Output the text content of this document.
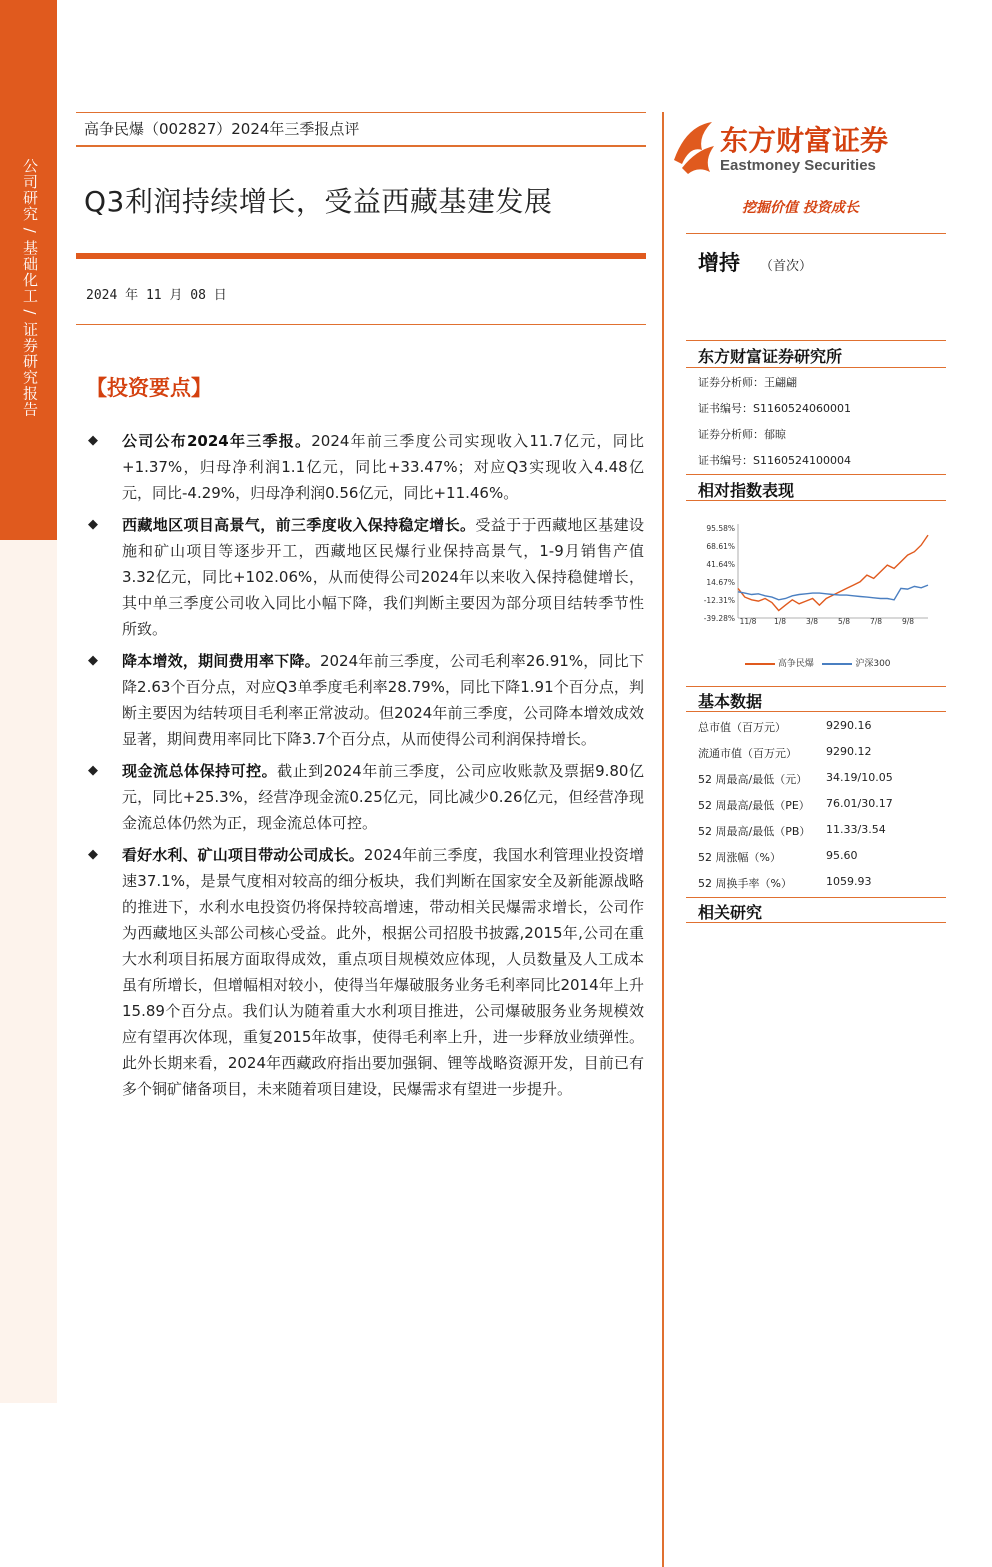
公司研究 / 基础化工 / 证券研究报告
高争民爆（002827）2024年三季报点评
Q3利润持续增长，受益西藏基建发展
2024 年 11 月 08 日
【投资要点】
◆ 公司公布2024年三季报。2024年前三季度公司实现收入11.7亿元，同比+1.37%，归母净利润1.1亿元，同比+33.47%；对应Q3实现收入4.48亿元，同比-4.29%，归母净利润0.56亿元，同比+11.46%。
◆ 西藏地区项目高景气，前三季度收入保持稳定增长。受益于于西藏地区基建设施和矿山项目等逐步开工，西藏地区民爆行业保持高景气，1-9月销售产值3.32亿元，同比+102.06%，从而使得公司2024年以来收入保持稳健增长，其中单三季度公司收入同比小幅下降，我们判断主要因为部分项目结转季节性所致。
◆ 降本增效，期间费用率下降。2024年前三季度，公司毛利率26.91%，同比下降2.63个百分点，对应Q3单季度毛利率28.79%，同比下降1.91个百分点，判断主要因为结转项目毛利率正常波动。但2024年前三季度，公司降本增效成效显著，期间费用率同比下降3.7个百分点，从而使得公司利润保持增长。
◆ 现金流总体保持可控。截止到2024年前三季度，公司应收账款及票据9.80亿元，同比+25.3%，经营净现金流0.25亿元，同比减少0.26亿元，但经营净现金流总体仍然为正，现金流总体可控。
◆ 看好水利、矿山项目带动公司成长。2024年前三季度，我国水利管理业投资增速37.1%，是景气度相对较高的细分板块，我们判断在国家安全及新能源战略的推进下，水利水电投资仍将保持较高增速，带动相关民爆需求增长，公司作为西藏地区头部公司核心受益。此外，根据公司招股书披露,2015年,公司在重大水利项目拓展方面取得成效，重点项目规模效应体现，人员数量及人工成本虽有所增长，但增幅相对较小，使得当年爆破服务业务毛利率同比2014年上升15.89个百分点。我们认为随着重大水利项目推进，公司爆破服务业务规模效应有望再次体现，重复2015年故事，使得毛利率上升，进一步释放业绩弹性。此外长期来看，2024年西藏政府指出要加强铜、锂等战略资源开发，目前已有多个铜矿储备项目，未来随着项目建设，民爆需求有望进一步提升。
东方财富证券
Eastmoney Securities
挖掘价值 投资成长
增持 （首次）
东方财富证券研究所
证券分析师：王翩翩
证书编号：S1160524060001
证券分析师：郁晾
证书编号：S1160524100004
相对指数表现
95.58%
68.61%
41.64%
14.67%
-12.31%
-39.28% 11/8 1/8	3/8	5/8	7/8	9/8
高争民爆	沪深300
基本数据
总市值（百万元）	9290.16
流通市值（百万元）	9290.12
52 周最高/最低（元） 34.19/10.05
52 周最高/最低（PE） 76.01/30.17
52 周最高/最低（PB） 11.33/3.54
52 周涨幅（%）	95.60
52 周换手率（%）	1059.93
相关研究
